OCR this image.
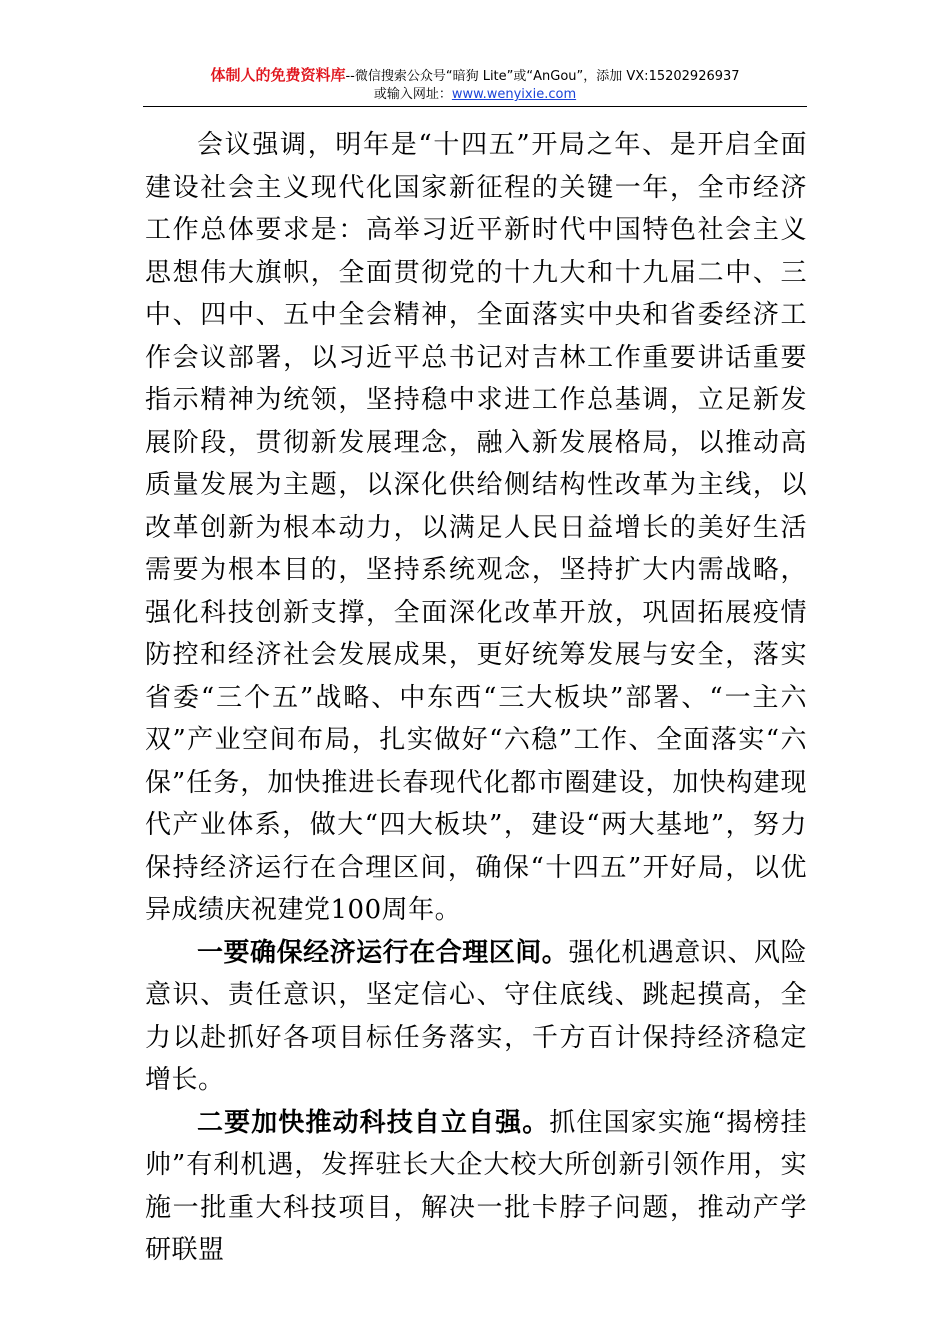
体制人的免费资料库--微信搜索公众号“暗狗 Lite”或“AnGou”，添加 VX:15202926937
或输入网址：www.wenyixie.com

会议强调，明年是“十四五”开局之年、是开启全面建设社会主义现代化国家新征程的关键一年，全市经济工作总体要求是：高举习近平新时代中国特色社会主义思想伟大旗帜，全面贯彻党的十九大和十九届二中、三中、四中、五中全会精神，全面落实中央和省委经济工作会议部署，以习近平总书记对吉林工作重要讲话重要指示精神为统领，坚持稳中求进工作总基调，立足新发展阶段，贯彻新发展理念，融入新发展格局，以推动高质量发展为主题，以深化供给侧结构性改革为主线，以改革创新为根本动力，以满足人民日益增长的美好生活需要为根本目的，坚持系统观念，坚持扩大内需战略，强化科技创新支撑，全面深化改革开放，巩固拓展疫情防控和经济社会发展成果，更好统筹发展与安全，落实省委“三个五”战略、中东西“三大板块”部署、“一主六双”产业空间布局，扎实做好“六稳”工作、全面落实“六保”任务，加快推进长春现代化都市圈建设，加快构建现代产业体系，做大“四大板块”，建设“两大基地”，努力保持经济运行在合理区间，确保“十四五”开好局，以优异成绩庆祝建党100周年。

一要确保经济运行在合理区间。强化机遇意识、风险意识、责任意识，坚定信心、守住底线、跳起摸高，全力以赴抓好各项目标任务落实，千方百计保持经济稳定增长。

二要加快推动科技自立自强。抓住国家实施“揭榜挂帅”有利机遇，发挥驻长大企大校大所创新引领作用，实施一批重大科技项目，解决一批卡脖子问题，推动产学研联盟
